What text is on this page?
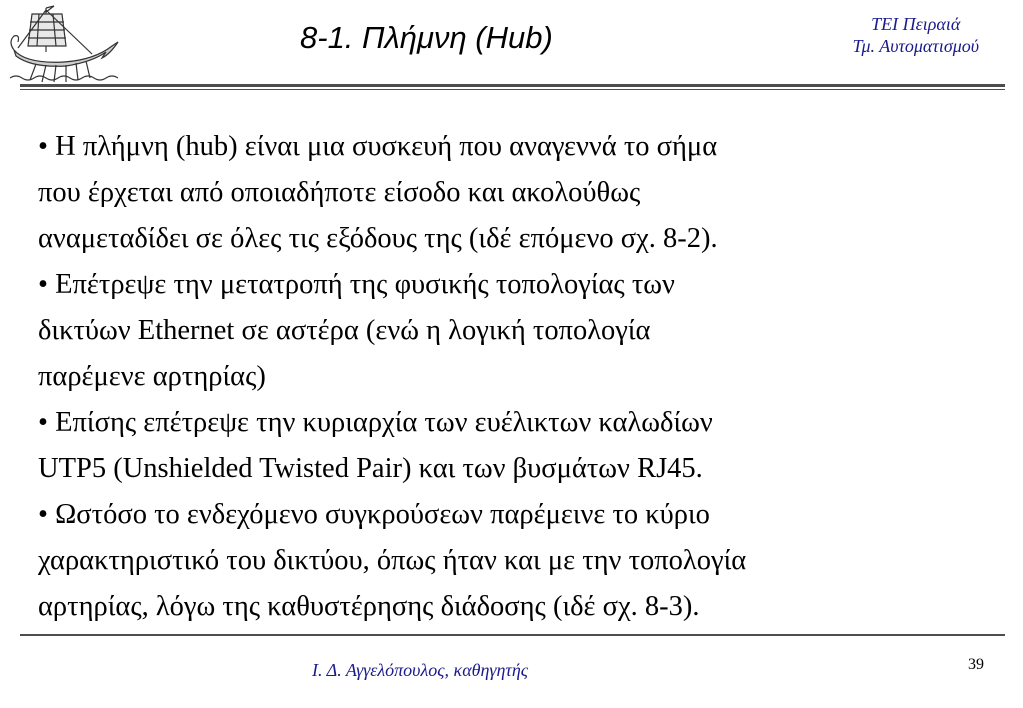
8-1. Πλήμνη (Hub)	ΤΕΙ Πειραιά
Τμ. Αυτοματισμού
• Η πλήμνη (hub) είναι μια συσκευή που αναγεννά το σήμα
που έρχεται από οποιαδήποτε είσοδο και ακολούθως
αναμεταδίδει σε όλες τις εξόδους της (ιδέ επόμενο σχ. 8-2).
• Επέτρεψε την μετατροπή της φυσικής τοπολογίας των
δικτύων Ethernet σε αστέρα (ενώ η λογική τοπολογία
παρέμενε αρτηρίας)
• Επίσης επέτρεψε την κυριαρχία των ευέλικτων καλωδίων
UTP5 (Unshielded Twisted Pair) και των βυσμάτων RJ45.
• Ωστόσο το ενδεχόμενο συγκρούσεων παρέμεινε το κύριο
χαρακτηριστικό του δικτύου, όπως ήταν και με την τοπολογία
αρτηρίας, λόγω της καθυστέρησης διάδοσης (ιδέ σχ. 8-3).
Ι. Δ. Αγγελόπουλος, καθηγητής	39
